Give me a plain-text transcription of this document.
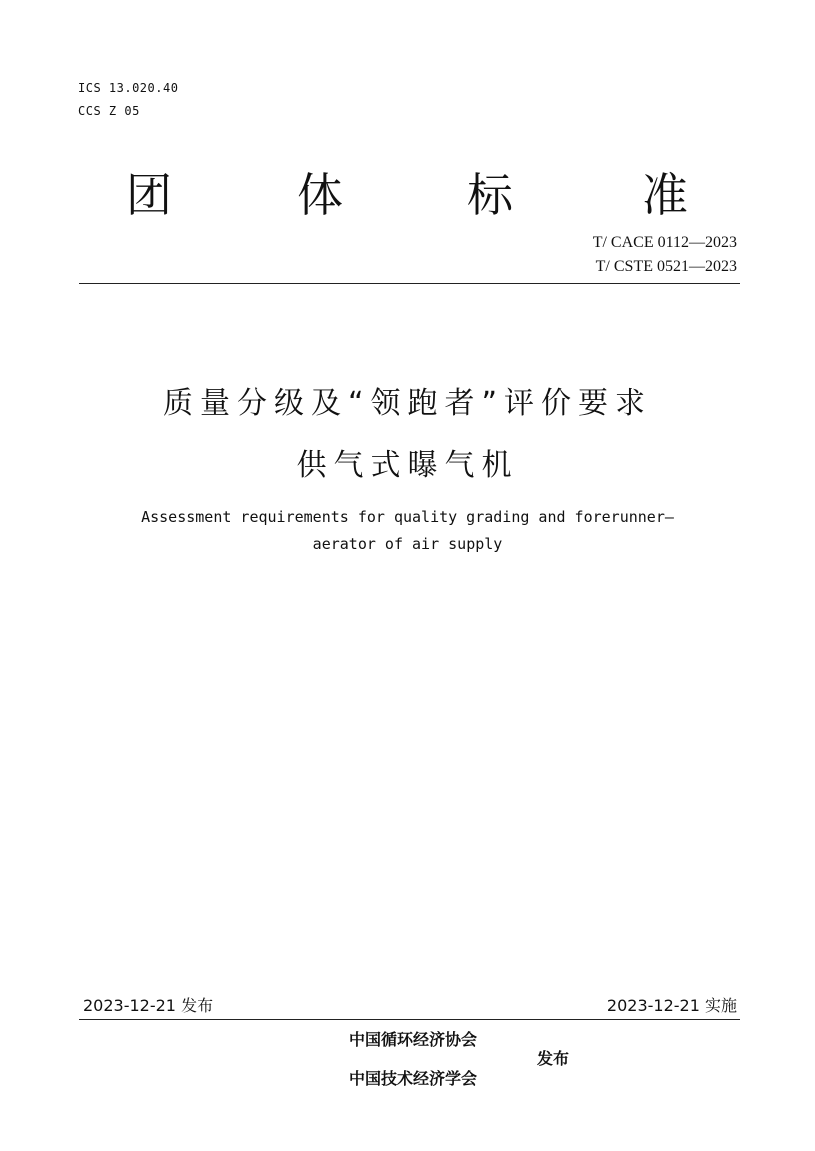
ICS 13.020.40
CCS Z 05
团	体	标	准
T/ CACE 0112—2023
T/ CSTE 0521—2023
质量分级及“领跑者”评价要求
供气式曝气机
Assessment requirements for quality grading and forerunner—
aerator of air supply
2023-12-21 发布	2023-12-21 实施
中国循环经济协会
中国技术经济学会
发布
